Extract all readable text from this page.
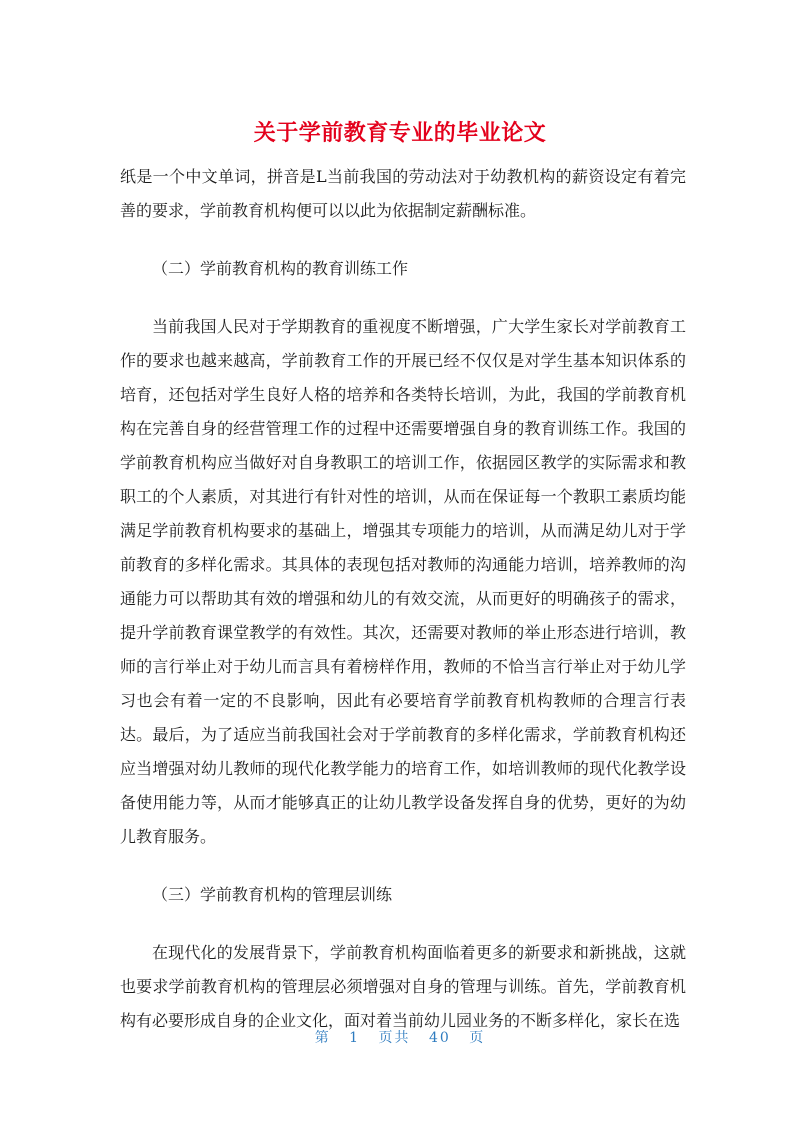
关于学前教育专业的毕业论文

纸是一个中文单词，拼音是L当前我国的劳动法对于幼教机构的薪资设定有着完善的要求，学前教育机构便可以以此为依据制定薪酬标准。

（二）学前教育机构的教育训练工作

当前我国人民对于学期教育的重视度不断增强，广大学生家长对学前教育工作的要求也越来越高，学前教育工作的开展已经不仅仅是对学生基本知识体系的培育，还包括对学生良好人格的培养和各类特长培训，为此，我国的学前教育机构在完善自身的经营管理工作的过程中还需要增强自身的教育训练工作。我国的学前教育机构应当做好对自身教职工的培训工作，依据园区教学的实际需求和教职工的个人素质，对其进行有针对性的培训，从而在保证每一个教职工素质均能满足学前教育机构要求的基础上，增强其专项能力的培训，从而满足幼儿对于学前教育的多样化需求。其具体的表现包括对教师的沟通能力培训，培养教师的沟通能力可以帮助其有效的增强和幼儿的有效交流，从而更好的明确孩子的需求，提升学前教育课堂教学的有效性。其次，还需要对教师的举止形态进行培训，教师的言行举止对于幼儿而言具有着榜样作用，教师的不恰当言行举止对于幼儿学习也会有着一定的不良影响，因此有必要培育学前教育机构教师的合理言行表达。最后，为了适应当前我国社会对于学前教育的多样化需求，学前教育机构还应当增强对幼儿教师的现代化教学能力的培育工作，如培训教师的现代化教学设备使用能力等，从而才能够真正的让幼儿教学设备发挥自身的优势，更好的为幼儿教育服务。

（三）学前教育机构的管理层训练

在现代化的发展背景下，学前教育机构面临着更多的新要求和新挑战，这就也要求学前教育机构的管理层必须增强对自身的管理与训练。首先，学前教育机构有必要形成自身的企业文化，面对着当前幼儿园业务的不断多样化，家长在选

第 1 页共 40 页
